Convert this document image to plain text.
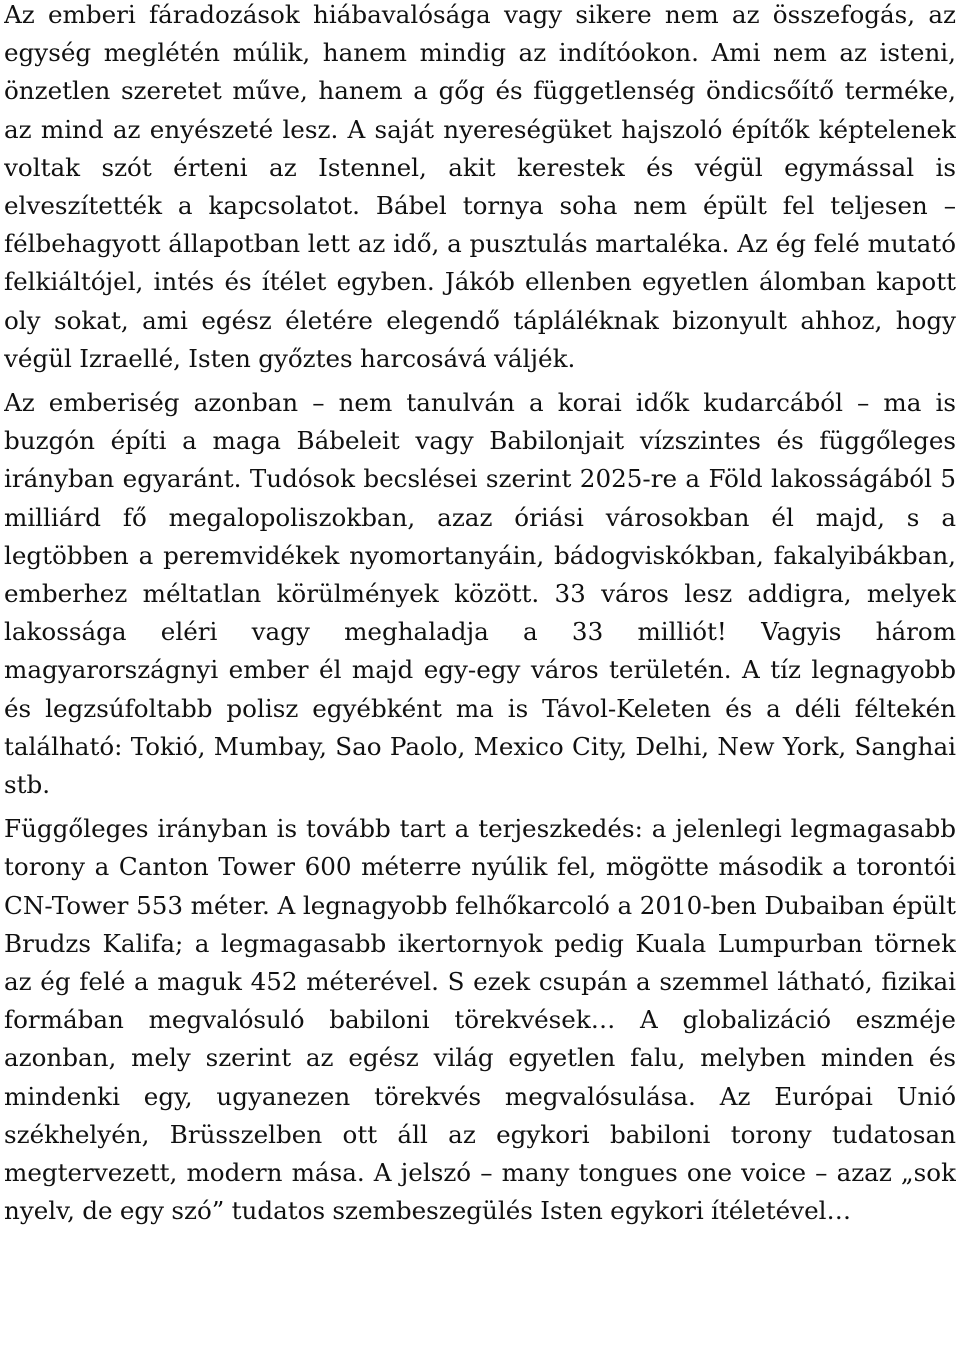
Az emberi fáradozások hiábavalósága vagy sikere nem az összefogás, az egység meglétén múlik, hanem mindig az indítóokon. Ami nem az isteni, önzetlen szeretet műve, hanem a gőg és függetlenség öndicsőítő terméke, az mind az enyészeté lesz. A saját nyereségüket hajszoló építők képtelenek voltak szót érteni az Istennel, akit kerestek és végül egymással is elveszítették a kapcsolatot. Bábel tornya soha nem épült fel teljesen – félbehagyott állapotban lett az idő, a pusztulás martaléka. Az ég felé mutató felkiáltójel, intés és ítélet egyben. Jákób ellenben egyetlen álomban kapott oly sokat, ami egész életére elegendő tápláléknak bizonyult ahhoz, hogy végül Izraellé, Isten győztes harcosává váljék.

Az emberiség azonban – nem tanulván a korai idők kudarcából – ma is buzgón építi a maga Bábeleit vagy Babilonjait vízszintes és függőleges irányban egyaránt. Tudósok becslései szerint 2025-re a Föld lakosságából 5 milliárd fő megalopoliszokban, azaz óriási városokban él majd, s a legtöbben a peremvidékek nyomortanyáin, bádogviskókban, fakalyibákban, emberhez méltatlan körülmények között. 33 város lesz addigra, melyek lakossága eléri vagy meghaladja a 33 milliót! Vagyis három magyarországnyi ember él majd egy-egy város területén. A tíz legnagyobb és legzsúfoltabb polisz egyébként ma is Távol-Keleten és a déli féltekén található: Tokió, Mumbay, Sao Paolo, Mexico City, Delhi, New York, Sanghai stb.

Függőleges irányban is tovább tart a terjeszkedés: a jelenlegi legmagasabb torony a Canton Tower 600 méterre nyúlik fel, mögötte második a torontói CN-Tower 553 méter. A legnagyobb felhőkarcoló a 2010-ben Dubaiban épült Brudzs Kalifa; a legmagasabb ikertornyok pedig Kuala Lumpurban törnek az ég felé a maguk 452 méterével. S ezek csupán a szemmel látható, fizikai formában megvalósuló babiloni törekvések… A globalizáció eszméje azonban, mely szerint az egész világ egyetlen falu, melyben minden és mindenki egy, ugyanezen törekvés megvalósulása. Az Európai Unió székhelyén, Brüsszelben ott áll az egykori babiloni torony tudatosan megtervezett, modern mása. A jelszó – many tongues one voice – azaz „sok nyelv, de egy szó” tudatos szembeszegülés Isten egykori ítéletével…
